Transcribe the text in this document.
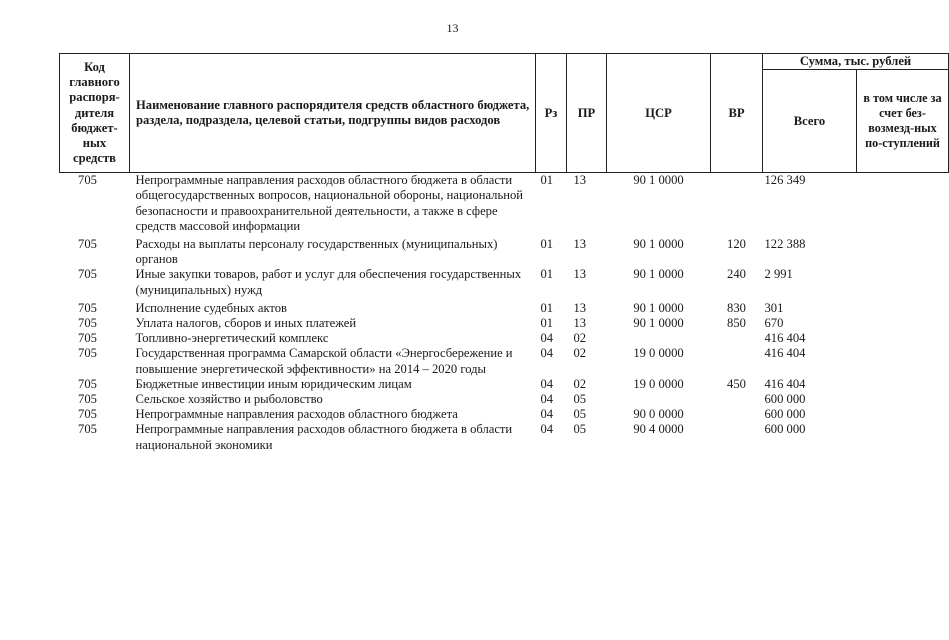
13
Код главного распоря-дителя бюджет-ных средств	Наименование главного распорядителя средств областного бюджета, раздела, подраздела, целевой статьи, подгруппы видов расходов	Рз	ПР	ЦСР	ВР	Сумма, тыс. рублей	
						Всего	в том числе за счет без-возмезд-ных по-ступлений
705	Непрограммные направления расходов областного бюджета в области общегосударственных вопросов, национальной обороны, национальной безопасности и правоохранительной деятельности, а также в сфере средств массовой информации	01	13	90 1 0000		126 349	
705	Расходы на выплаты персоналу государственных (муниципальных) органов	01	13	90 1 0000	120	122 388	
705	Иные закупки товаров, работ и услуг для обеспечения государственных (муниципальных) нужд	01	13	90 1 0000	240	2 991	
705	Исполнение судебных актов	01	13	90 1 0000	830	301	
705	Уплата налогов, сборов и иных платежей	01	13	90 1 0000	850	670	
705	Топливно-энергетический комплекс	04	02			416 404	
705	Государственная программа Самарской области «Энергосбережение и повышение энергетической эффективности» на 2014 – 2020 годы	04	02	19 0 0000		416 404	
705	Бюджетные инвестиции иным юридическим лицам	04	02	19 0 0000	450	416 404	
705	Сельское хозяйство и рыболовство	04	05			600 000	
705	Непрограммные направления расходов областного бюджета	04	05	90 0 0000		600 000	
705	Непрограммные направления расходов областного бюджета в области национальной экономики	04	05	90 4 0000		600 000	
